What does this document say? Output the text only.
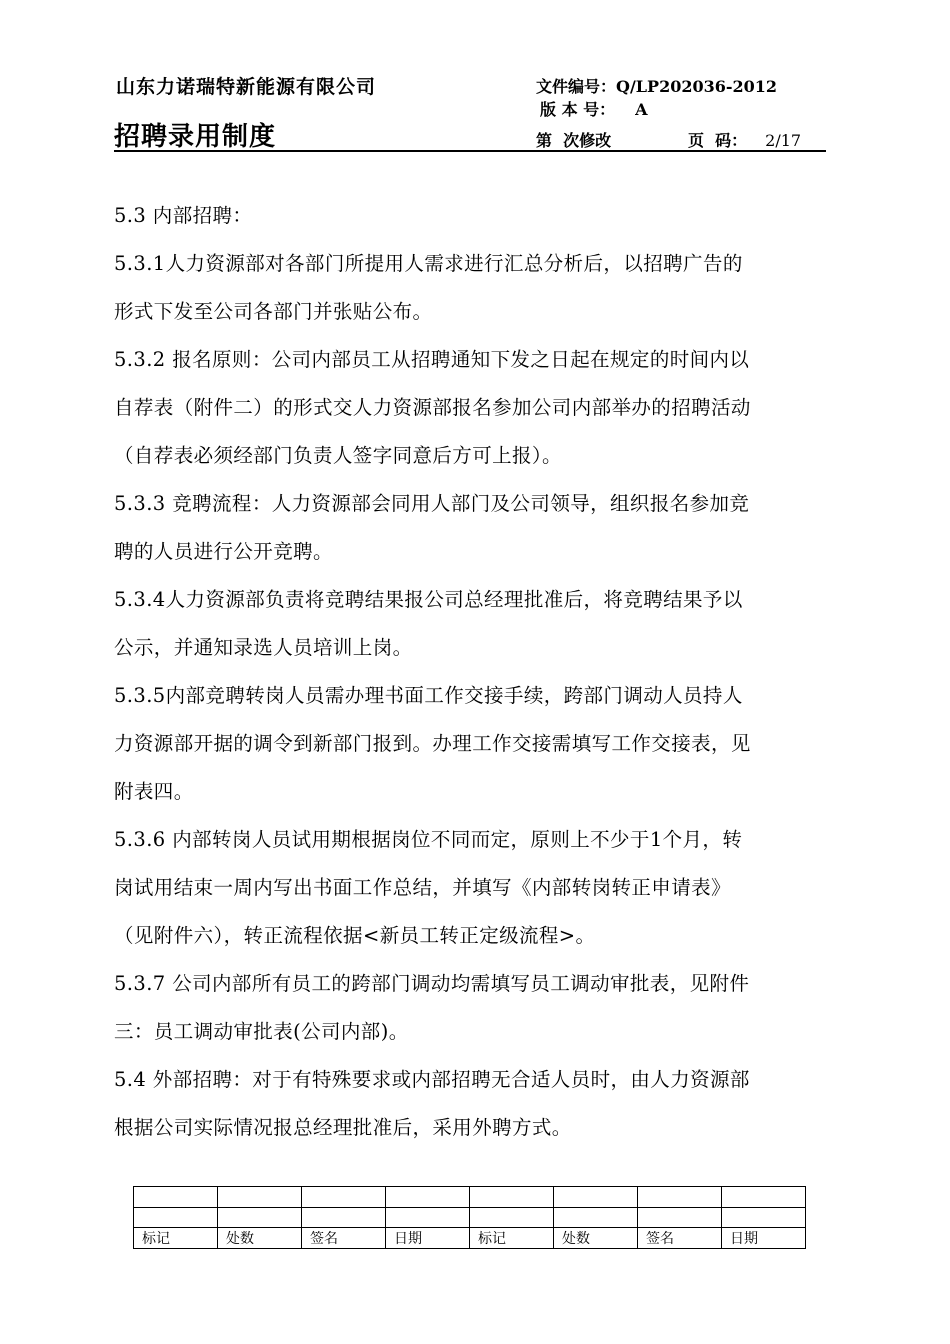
山东力诺瑞特新能源有限公司
招聘录用制度
文件编号：Q/LP202036-2012
版 本 号： A
第  次修改	页  码： 2/17

5.3 内部招聘：

5.3.1人力资源部对各部门所提用人需求进行汇总分析后，以招聘广告的
形式下发至公司各部门并张贴公布。

5.3.2 报名原则：公司内部员工从招聘通知下发之日起在规定的时间内以
自荐表（附件二）的形式交人力资源部报名参加公司内部举办的招聘活动
（自荐表必须经部门负责人签字同意后方可上报）。

5.3.3 竞聘流程：人力资源部会同用人部门及公司领导，组织报名参加竞
聘的人员进行公开竞聘。

5.3.4人力资源部负责将竞聘结果报公司总经理批准后，将竞聘结果予以
公示，并通知录选人员培训上岗。

5.3.5内部竞聘转岗人员需办理书面工作交接手续，跨部门调动人员持人
力资源部开据的调令到新部门报到。办理工作交接需填写工作交接表，见
附表四。

5.3.6 内部转岗人员试用期根据岗位不同而定，原则上不少于1个月，转
岗试用结束一周内写出书面工作总结，并填写《内部转岗转正申请表》
（见附件六），转正流程依据<新员工转正定级流程>。

5.3.7 公司内部所有员工的跨部门调动均需填写员工调动审批表，见附件
三：员工调动审批表(公司内部)。

5.4 外部招聘：对于有特殊要求或内部招聘无合适人员时，由人力资源部
根据公司实际情况报总经理批准后，采用外聘方式。

标记	处数	签名	日期	标记	处数	签名	日期
